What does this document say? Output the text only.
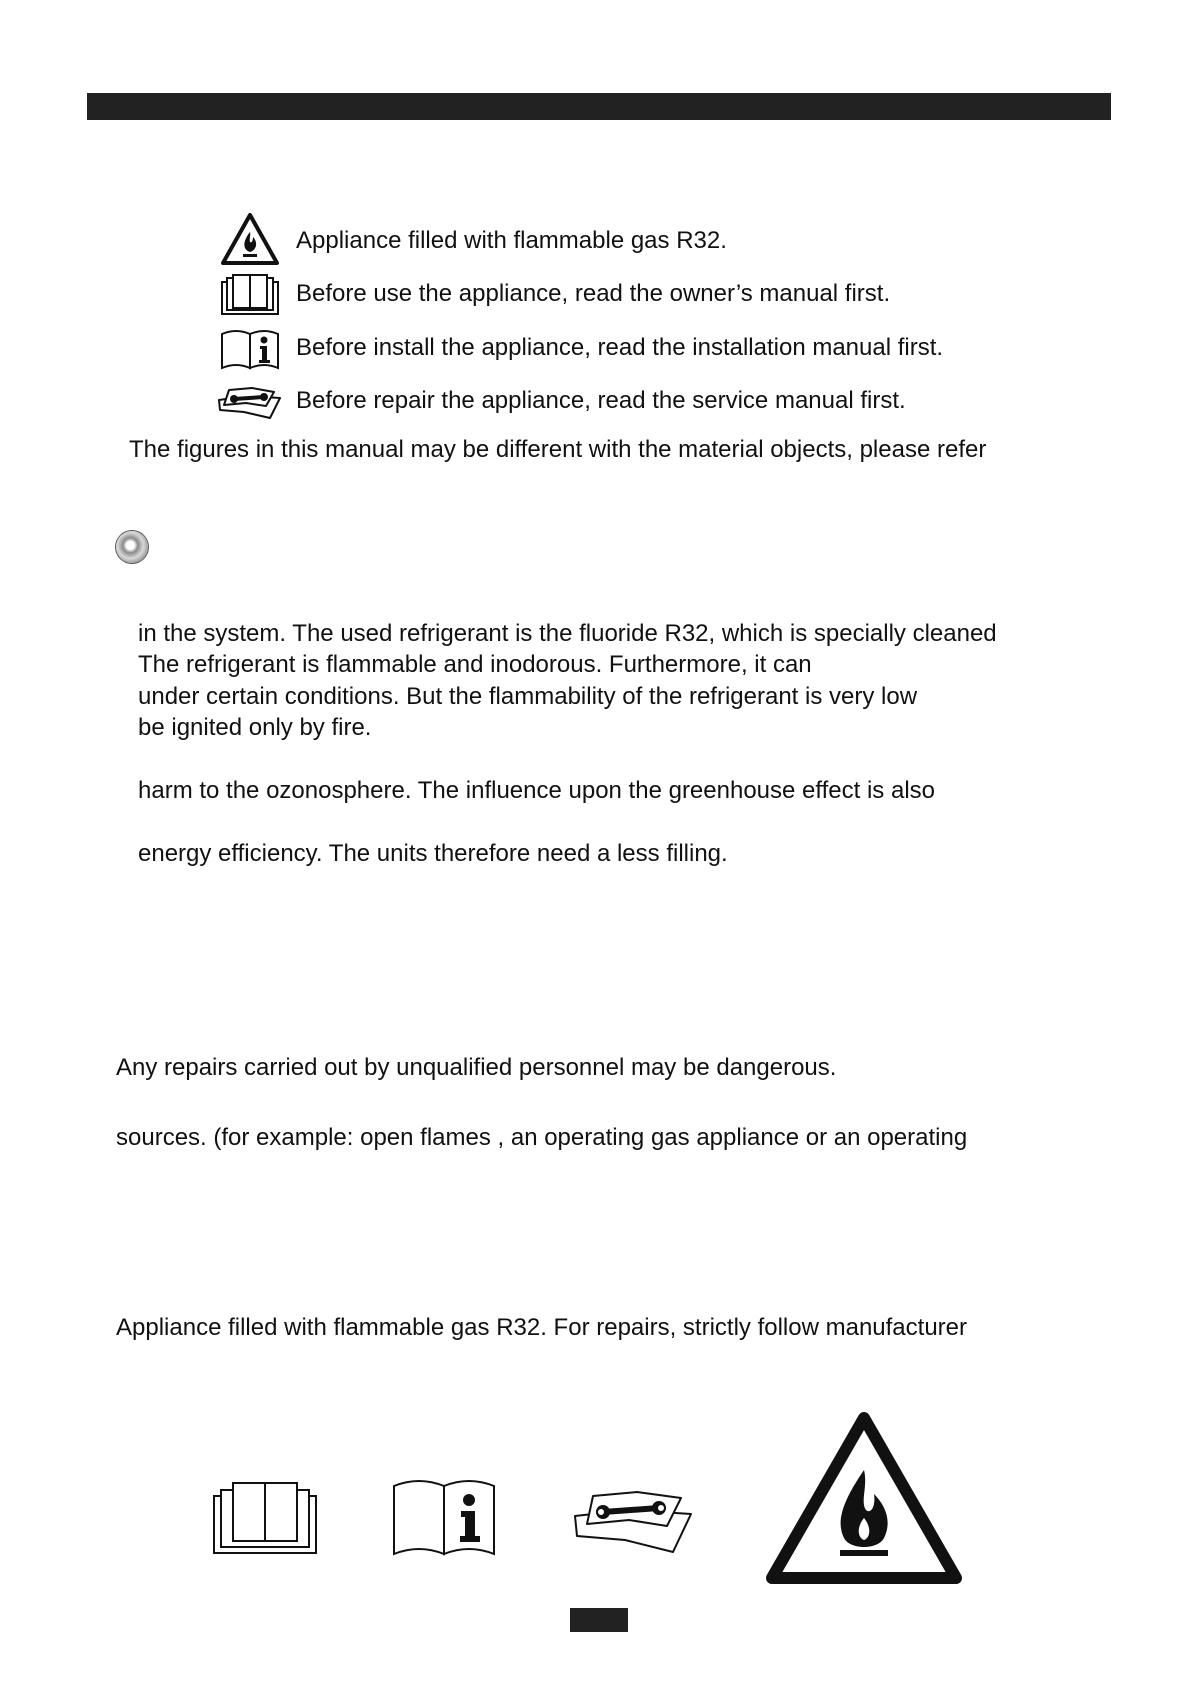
Appliance filled with flammable gas R32.
Before use the appliance, read the owner’s manual first.
Before install the appliance, read the installation manual first.
Before repair the appliance, read the service manual first.
The figures in this manual may be different with the material objects, please refer
in the system. The used refrigerant is the fluoride R32, which is specially cleaned
The refrigerant is flammable and inodorous. Furthermore, it can
under certain conditions. But the flammability of the refrigerant is very low
be ignited only by fire.
harm to the ozonosphere. The influence upon the greenhouse effect is also
energy efficiency. The units therefore need a less filling.
Any repairs carried out by unqualified personnel may be dangerous.
sources. (for example: open flames , an operating gas appliance or an operating
Appliance filled with flammable gas R32. For repairs, strictly follow manufacturer
